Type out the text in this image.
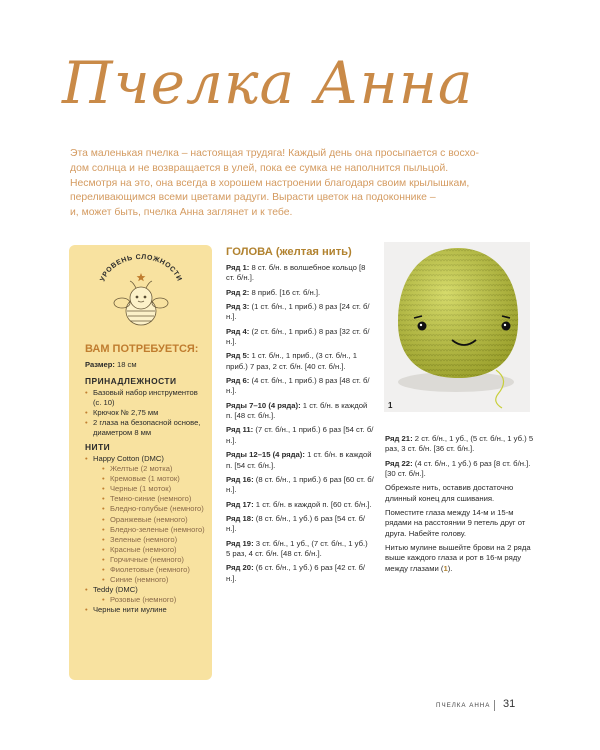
Пчелка Анна

Эта маленькая пчелка – настоящая трудяга! Каждый день она просыпается с восхо-

дом солнца и не возвращается в улей, пока ее сумка не наполнится пыльцой.

Несмотря на это, она всегда в хорошем настроении благодаря своим крылышкам,

переливающимся всеми цветами радуги. Вырасти цветок на подоконнике –

и, может быть, пчелка Анна заглянет и к тебе.

УРОВЕНЬ СЛОЖНОСТИ
ВАМ ПОТРЕБУЕТСЯ:
Размер: 18 см
ПРИНАДЛЕЖНОСТИ
• Базовый набор инструментов (с. 10)
• Крючок № 2,75 мм
• 2 глаза на безопасной основе, диаметром 8 мм
НИТИ
• Happy Cotton (DMC)
• Желтые (2 мотка)
• Кремовые (1 моток)
• Черные (1 моток)
• Темно-синие (немного)
• Бледно-голубые (немного)
• Оранжевые (немного)
• Бледно-зеленые (немного)
• Зеленые (немного)
• Красные (немного)
• Горчичные (немного)
• Фиолетовые (немного)
• Синие (немного)
• Teddy (DMC)
• Розовые (немного)
• Черные нити мулине
ГОЛОВА (желтая нить)
Ряд 1: 8 ст. б/н. в волшебное кольцо [8 ст. б/н.].
Ряд 2: 8 приб. [16 ст. б/н.].
Ряд 3: (1 ст. б/н., 1 приб.) 8 раз [24 ст. б/н.].
Ряд 4: (2 ст. б/н., 1 приб.) 8 раз [32 ст. б/н.].
Ряд 5: 1 ст. б/н., 1 приб., (3 ст. б/н., 1 приб.) 7 раз, 2 ст. б/н. [40 ст. б/н.].
Ряд 6: (4 ст. б/н., 1 приб.) 8 раз [48 ст. б/н.].
Ряды 7–10 (4 ряда): 1 ст. б/н. в каждой п. [48 ст. б/н.].
Ряд 11: (7 ст. б/н., 1 приб.) 6 раз [54 ст. б/н.].
Ряды 12–15 (4 ряда): 1 ст. б/н. в каждой п. [54 ст. б/н.].
Ряд 16: (8 ст. б/н., 1 приб.) 6 раз [60 ст. б/н.].
Ряд 17: 1 ст. б/н. в каждой п. [60 ст. б/н.].
Ряд 18: (8 ст. б/н., 1 уб.) 6 раз [54 ст. б/н.].
Ряд 19: 3 ст. б/н., 1 уб., (7 ст. б/н., 1 уб.) 5 раз, 4 ст. б/н. [48 ст. б/н.].
Ряд 20: (6 ст. б/н., 1 уб.) 6 раз [42 ст. б/н.].
1
Ряд 21: 2 ст. б/н., 1 уб., (5 ст. б/н., 1 уб.) 5 раз, 3 ст. б/н. [36 ст. б/н.].
Ряд 22: (4 ст. б/н., 1 уб.) 6 раз [8 ст. б/н.]. [30 ст. б/н.].

Обрежьте нить, оставив достаточно длинный конец для сшивания.

Поместите глаза между 14-м и 15-м рядами на расстоянии 9 петель друг от друга. Набейте голову.

Нитью мулине вышейте брови на 2 ряда выше каждого глаза и рот в 16-м ряду между глазами (1).

ПЧЕЛКА АННА 31
